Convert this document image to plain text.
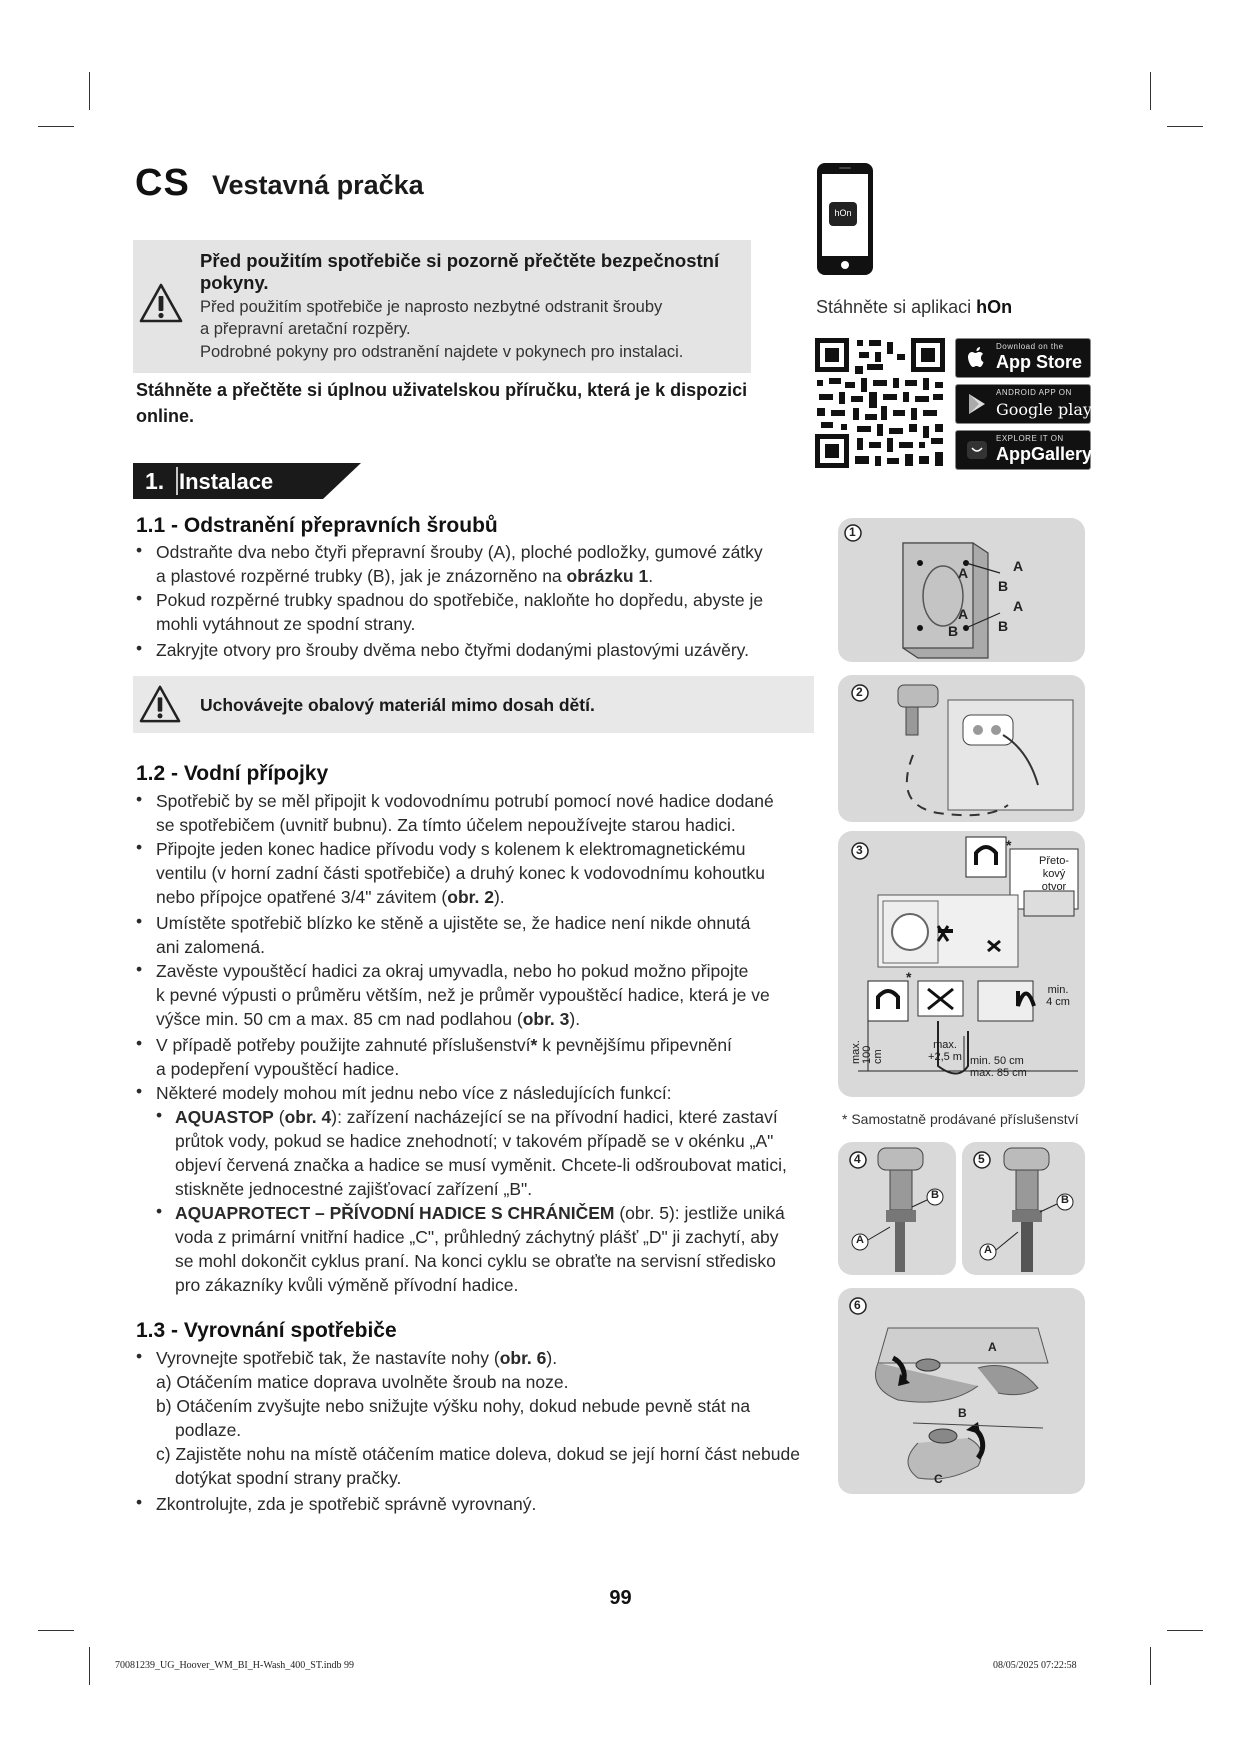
CS Vestavná pračka
Před použitím spotřebiče si pozorně přečtěte bezpečnostní pokyny.
Před použitím spotřebiče je naprosto nezbytné odstranit šrouby
a přepravní aretační rozpěry.
Podrobné pokyny pro odstranění najdete v pokynech pro instalaci.
Stáhněte a přečtěte si úplnou uživatelskou příručku, která je k dispozici
online.
hOn
Stáhněte si aplikaci hOn
Download on the
App Store
ANDROID APP ON
Google play
EXPLORE IT ON
AppGallery
1. Instalace
1.1 - Odstranění přepravních šroubů
• Odstraňte dva nebo čtyři přepravní šrouby (A), ploché podložky, gumové zátky
a plastové rozpěrné trubky (B), jak je znázorněno na obrázku 1.
• Pokud rozpěrné trubky spadnou do spotřebiče, nakloňte ho dopředu, abyste je
mohli vytáhnout ze spodní strany.
• Zakryjte otvory pro šrouby dvěma nebo čtyřmi dodanými plastovými uzávěry.
Uchovávejte obalový materiál mimo dosah dětí.
1.2 - Vodní přípojky
• Spotřebič by se měl připojit k vodovodnímu potrubí pomocí nové hadice dodané
se spotřebičem (uvnitř bubnu). Za tímto účelem nepoužívejte starou hadici.
• Připojte jeden konec hadice přívodu vody s kolenem k elektromagnetickému
ventilu (v horní zadní části spotřebiče) a druhý konec k vodovodnímu kohoutku
nebo přípojce opatřené 3/4" závitem (obr. 2).
• Umístěte spotřebič blízko ke stěně a ujistěte se, že hadice není nikde ohnutá
ani zalomená.
• Zavěste vypouštěcí hadici za okraj umyvadla, nebo ho pokud možno připojte
k pevné výpusti o průměru větším, než je průměr vypouštěcí hadice, která je ve
výšce min. 50 cm a max. 85 cm nad podlahou (obr. 3).
• V případě potřeby použijte zahnuté příslušenství* k pevnějšímu připevnění
a podepření vypouštěcí hadice.
• Některé modely mohou mít jednu nebo více z následujících funkcí:
• AQUASTOP (obr. 4): zařízení nacházející se na přívodní hadici, které zastaví
průtok vody, pokud se hadice znehodnotí; v takovém případě se v okénku „A"
objeví červená značka a hadice se musí vyměnit. Chcete-li odšroubovat matici,
stiskněte jednocestné zajišťovací zařízení „B".
• AQUAPROTECT – PŘÍVODNÍ HADICE S CHRÁNIČEM (obr. 5): jestliže uniká
voda z primární vnitřní hadice „C", průhledný záchytný plášť „D" ji zachytí, aby
se mohl dokončit cyklus praní. Na konci cyklu se obraťte na servisní středisko
pro zákazníky kvůli výměně přívodní hadice.
1.3 - Vyrovnání spotřebiče
• Vyrovnejte spotřebič tak, že nastavíte nohy (obr. 6).
a) Otáčením matice doprava uvolněte šroub na noze.
b) Otáčením zvyšujte nebo snižujte výšku nohy, dokud nebude pevně stát na
podlaze.
c) Zajistěte nohu na místě otáčením matice doleva, dokud se její horní část nebude
dotýkat spodní strany pračky.
• Zkontrolujte, zda je spotřebič správně vyrovnaný.
1
A
A
A
A
B
B
B
2
3	*
*
Přeto-
kový
otvor
min.
4 cm
max. 100 cm
max.
+2,5 m min. 50 cm
max. 85 cm
* Samostatně prodávané příslušenství
4
B
A
5
B
A
6
A
B
C
99
70081239_UG_Hoover_WM_BI_H-Wash_400_ST.indb 99	08/05/2025 07:22:58
